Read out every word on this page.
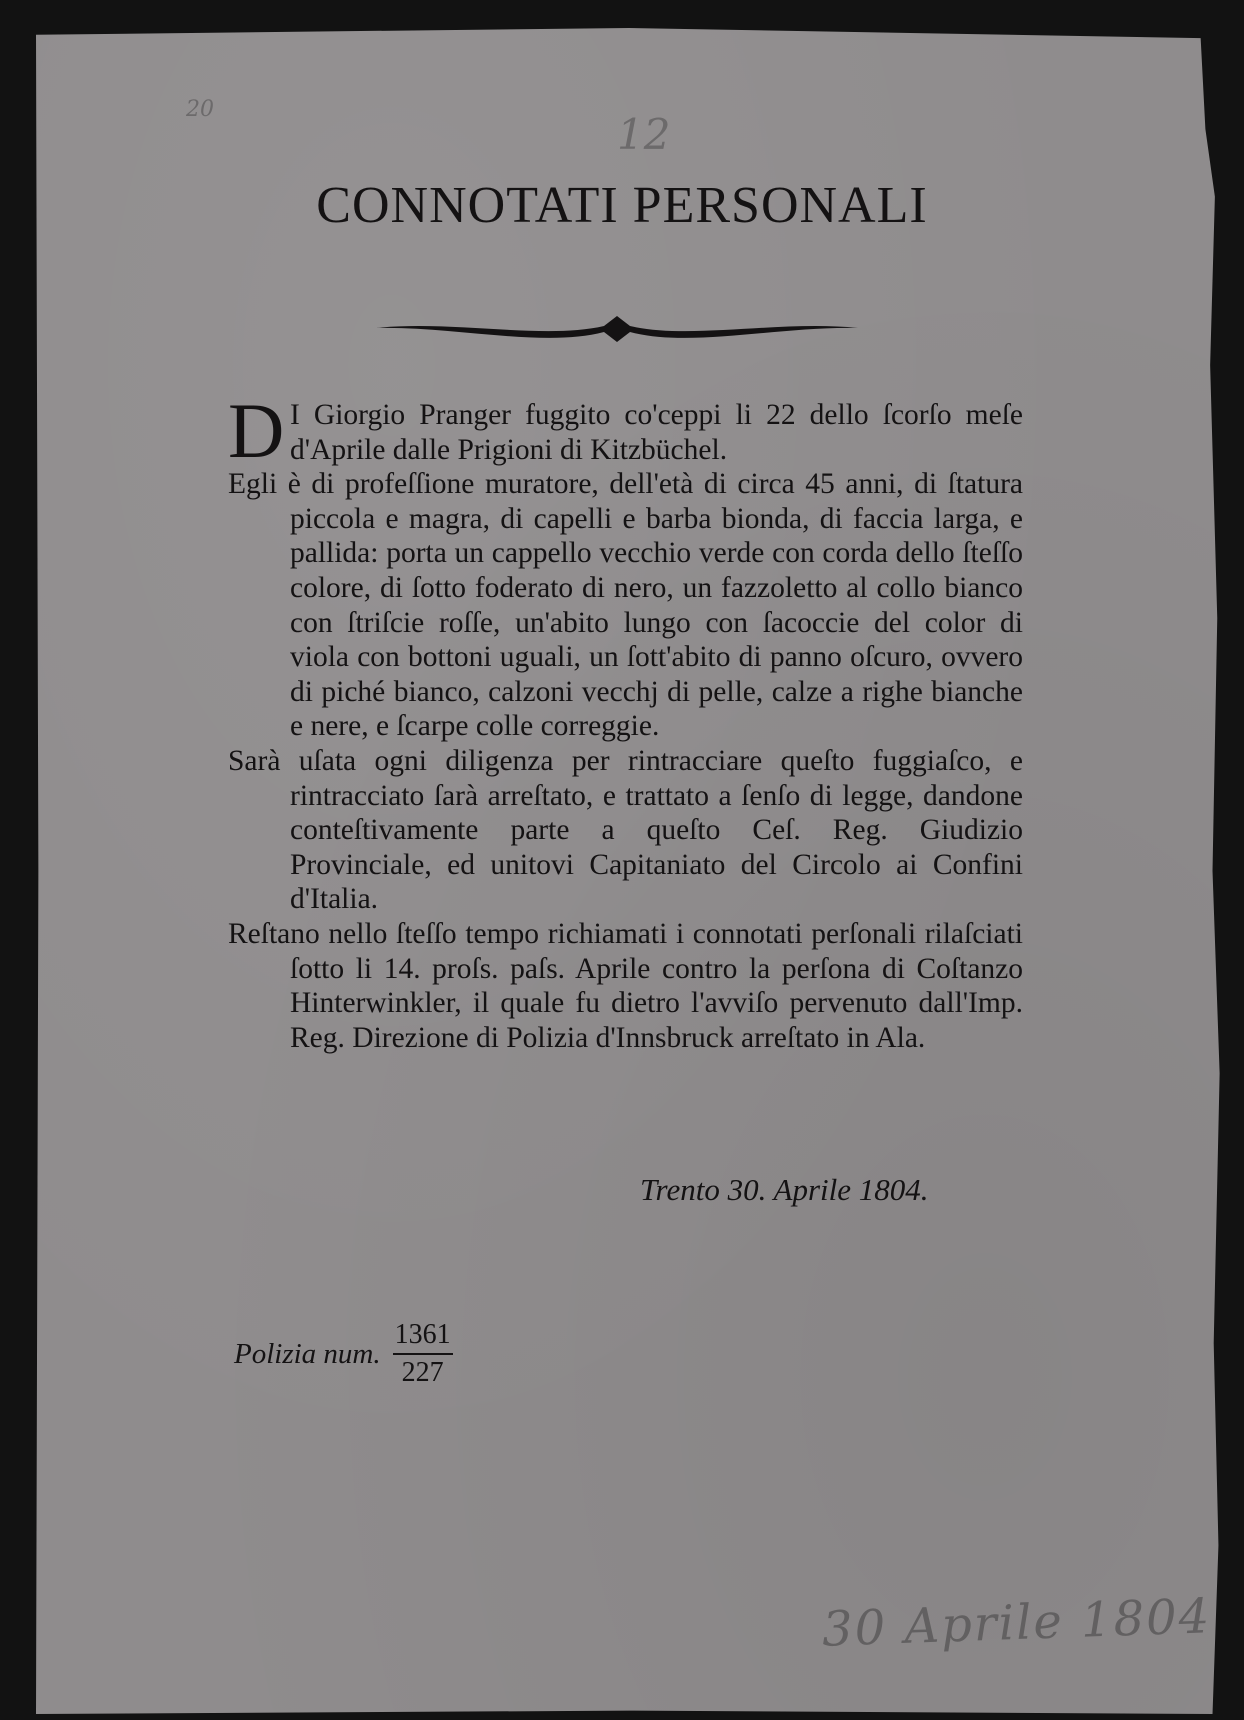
20
12
CONNOTATI PERSONALI

D I Giorgio Pranger fuggito co'ceppi li 22 dello ſcorſo meſe d'Aprile dalle Prigioni di Kitzbüchel.

Egli è di profeſſione muratore, dell'età di circa 45 anni, di ſtatura piccola e magra, di capelli e barba bionda, di faccia larga, e pallida: porta un cappello vecchio verde con corda dello ſteſſo colore, di ſotto foderato di nero, un fazzoletto al collo bianco con ſtriſcie roſſe, un'abito lungo con ſacoccie del color di viola con bottoni uguali, un ſott'abito di panno oſcuro, ovvero di piché bianco, calzoni vecchj di pelle, calze a righe bianche e nere, e ſcarpe colle correggie.

Sarà uſata ogni diligenza per rintracciare queſto fuggiaſco, e rintracciato ſarà arreſtato, e trattato a ſenſo di legge, dandone conteſtivamente parte a queſto Ceſ. Reg. Giudizio Provinciale, ed unitovi Capitaniato del Circolo ai Confini d'Italia.

Reſtano nello ſteſſo tempo richiamati i connotati perſonali rilaſciati ſotto li 14. proſs. paſs. Aprile contro la perſona di Coſtanzo Hinterwinkler, il quale fu dietro l'avviſo pervenuto dall'Imp. Reg. Direzione di Polizia d'Innsbruck arreſtato in Ala.

Trento 30. Aprile 1804.
Polizia num.
1361
227
30 Aprile 1804
